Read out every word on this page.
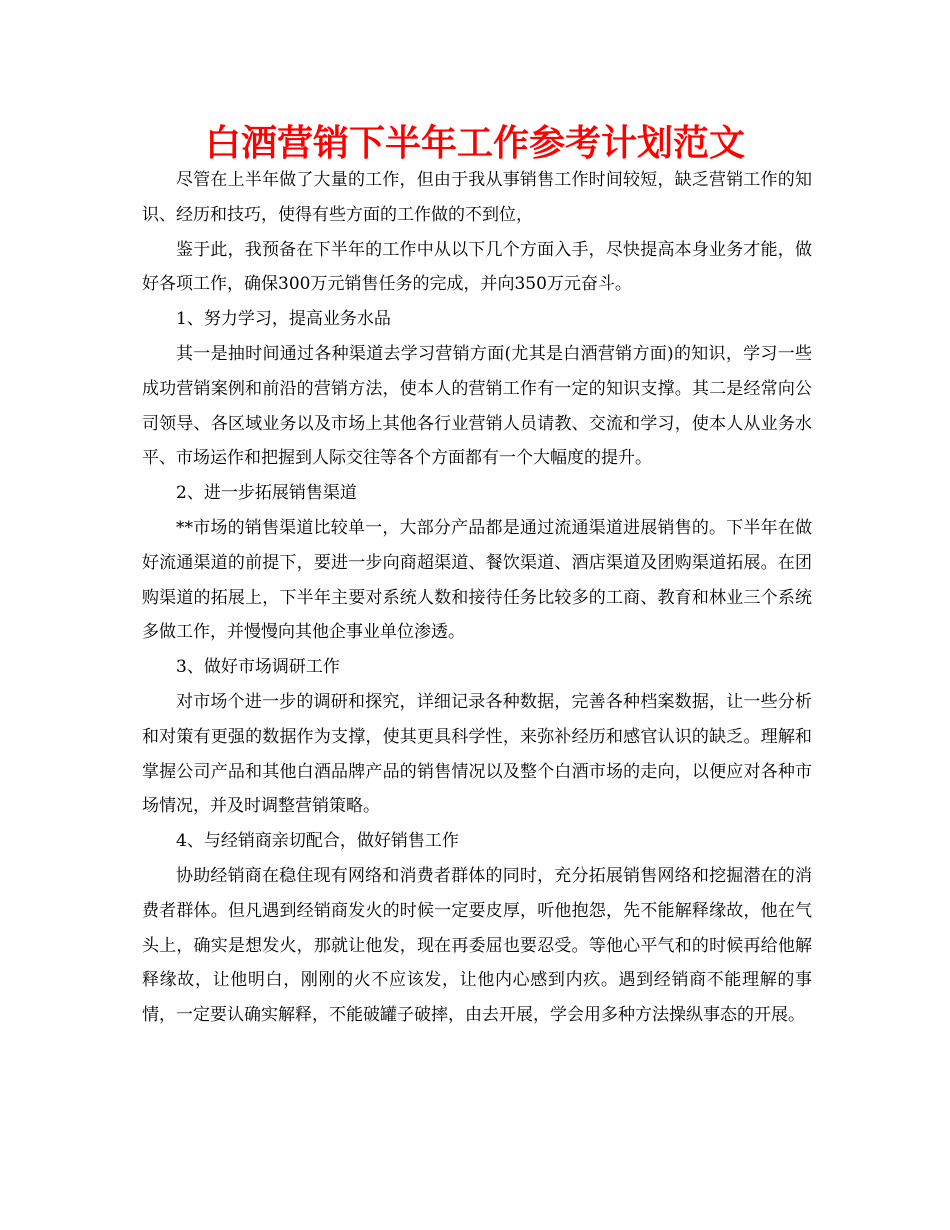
白酒营销下半年工作参考计划范文

尽管在上半年做了大量的工作，但由于我从事销售工作时间较短，缺乏营销工作的知识、经历和技巧，使得有些方面的工作做的不到位，

鉴于此，我预备在下半年的工作中从以下几个方面入手，尽快提高本身业务才能，做好各项工作，确保300万元销售任务的完成，并向350万元奋斗。

1、努力学习，提高业务水品

其一是抽时间通过各种渠道去学习营销方面(尤其是白酒营销方面)的知识，学习一些成功营销案例和前沿的营销方法，使本人的营销工作有一定的知识支撑。其二是经常向公司领导、各区域业务以及市场上其他各行业营销人员请教、交流和学习，使本人从业务水平、市场运作和把握到人际交往等各个方面都有一个大幅度的提升。

2、进一步拓展销售渠道

**市场的销售渠道比较单一，大部分产品都是通过流通渠道进展销售的。下半年在做好流通渠道的前提下，要进一步向商超渠道、餐饮渠道、酒店渠道及团购渠道拓展。在团购渠道的拓展上，下半年主要对系统人数和接待任务比较多的工商、教育和林业三个系统多做工作，并慢慢向其他企事业单位渗透。

3、做好市场调研工作

对市场个进一步的调研和探究，详细记录各种数据，完善各种档案数据，让一些分析和对策有更强的数据作为支撑，使其更具科学性，来弥补经历和感官认识的缺乏。理解和掌握公司产品和其他白酒品牌产品的销售情况以及整个白酒市场的走向，以便应对各种市场情况，并及时调整营销策略。

4、与经销商亲切配合，做好销售工作

协助经销商在稳住现有网络和消费者群体的同时，充分拓展销售网络和挖掘潜在的消费者群体。但凡遇到经销商发火的时候一定要皮厚，听他抱怨，先不能解释缘故，他在气头上，确实是想发火，那就让他发，现在再委屈也要忍受。等他心平气和的时候再给他解释缘故，让他明白，刚刚的火不应该发，让他内心感到内疚。遇到经销商不能理解的事情，一定要认确实解释，不能破罐子破摔，由去开展，学会用多种方法操纵事态的开展。
